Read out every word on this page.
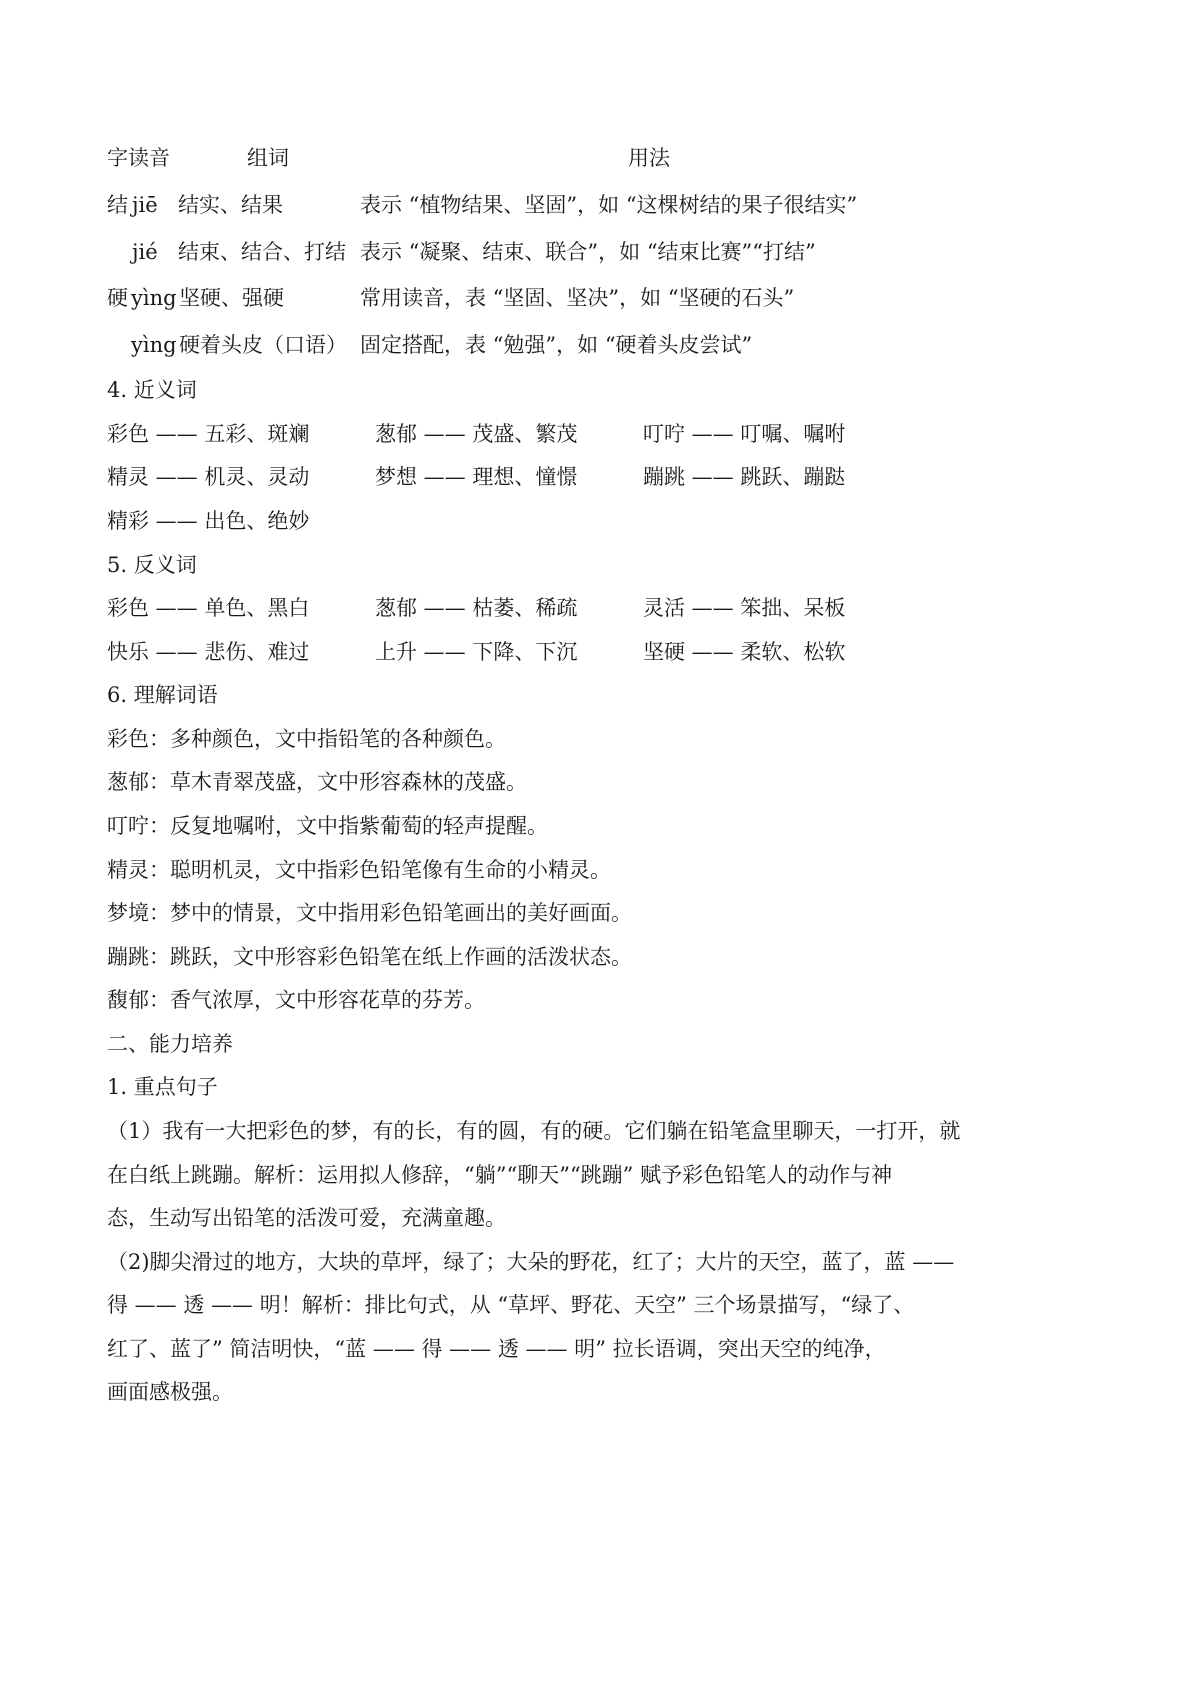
字读音	组词	用法
结 jiē 结实、结果	表示 “植物结果、坚固”，如 “这棵树结的果子很结实”
jié 结束、结合、打结 表示 “凝聚、结束、联合”，如 “结束比赛”“打结”
硬 yìng 坚硬、强硬	常用读音，表 “坚固、坚决”，如 “坚硬的石头”
yìng 硬着头皮（口语） 固定搭配，表 “勉强”，如 “硬着头皮尝试”
4. 近义词
彩色 —— 五彩、斑斓	葱郁 —— 茂盛、繁茂	叮咛 —— 叮嘱、嘱咐
精灵 —— 机灵、灵动	梦想 —— 理想、憧憬	蹦跳 —— 跳跃、蹦跶
精彩 —— 出色、绝妙
5. 反义词
彩色 —— 单色、黑白	葱郁 —— 枯萎、稀疏	灵活 —— 笨拙、呆板
快乐 —— 悲伤、难过	上升 —— 下降、下沉	坚硬 —— 柔软、松软
6. 理解词语
彩色：多种颜色，文中指铅笔的各种颜色。
葱郁：草木青翠茂盛，文中形容森林的茂盛。
叮咛：反复地嘱咐，文中指紫葡萄的轻声提醒。
精灵：聪明机灵，文中指彩色铅笔像有生命的小精灵。
梦境：梦中的情景，文中指用彩色铅笔画出的美好画面。
蹦跳：跳跃，文中形容彩色铅笔在纸上作画的活泼状态。
馥郁：香气浓厚，文中形容花草的芬芳。
二、能力培养
1. 重点句子
（1）我有一大把彩色的梦，有的长，有的圆，有的硬。它们躺在铅笔盒里聊天，一打开，就
在白纸上跳蹦。解析：运用拟人修辞，“躺”“聊天”“跳蹦” 赋予彩色铅笔人的动作与神
态，生动写出铅笔的活泼可爱，充满童趣。
（2)脚尖滑过的地方，大块的草坪，绿了；大朵的野花，红了；大片的天空，蓝了，蓝 ——
得 —— 透 —— 明！解析：排比句式，从 “草坪、野花、天空” 三个场景描写，“绿了、
红了、蓝了” 简洁明快，“蓝 —— 得 —— 透 —— 明” 拉长语调，突出天空的纯净，
画面感极强。
